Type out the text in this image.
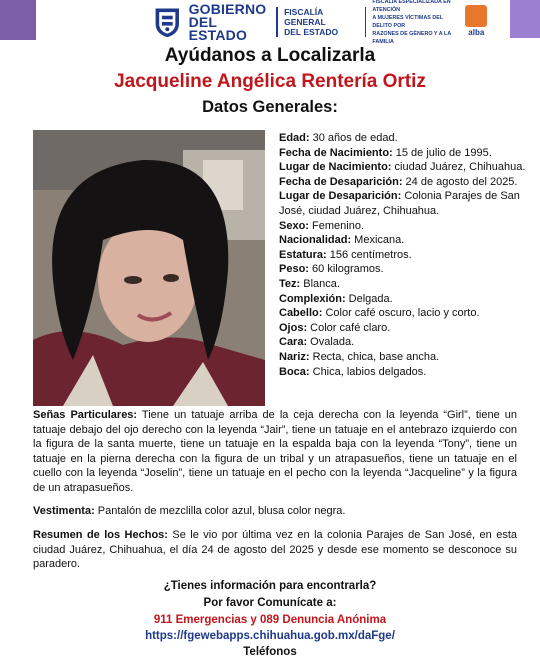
GOBIERNO
DEL ESTADO
FISCALÍA GENERAL
DEL ESTADO
FISCALÍA ESPECIALIZADA EN ATENCIÓN
A MUJERES VÍCTIMAS DEL DELITO POR
RAZONES DE GÉNERO Y A LA FAMILIA
alba
Ayúdanos a Localizarla
Jacqueline Angélica Rentería Ortiz
Datos Generales:

Edad: 30 años de edad.

Fecha de Nacimiento: 15 de julio de 1995.

Lugar de Nacimiento: ciudad Juárez, Chihuahua.

Fecha de Desaparición: 24 de agosto del 2025.

Lugar de Desaparición: Colonia Parajes de San José, ciudad Juárez, Chihuahua.

Sexo: Femenino.

Nacionalidad: Mexicana.

Estatura: 156 centímetros.

Peso: 60 kilogramos.

Tez: Blanca.

Complexión: Delgada.

Cabello: Color café oscuro, lacio y corto.

Ojos: Color café claro.

Cara: Ovalada.

Nariz: Recta, chica, base ancha.

Boca: Chica, labios delgados.

Señas Particulares: Tiene un tatuaje arriba de la ceja derecha con la leyenda “Girl”, tiene un tatuaje debajo del ojo derecho con la leyenda “Jair”, tiene un tatuaje en el antebrazo izquierdo con la figura de la santa muerte, tiene un tatuaje en la espalda baja con la leyenda “Tony”, tiene un tatuaje en la pierna derecha con la figura de un tribal y un atrapasueños, tiene un tatuaje en el cuello con la leyenda “Joselin”, tiene un tatuaje en el pecho con la leyenda “Jacqueline” y la figura de un atrapasueños.

Vestimenta: Pantalón de mezclilla color azul, blusa color negra.

Resumen de los Hechos: Se le vio por última vez en la colonia Parajes de San José, en esta ciudad Juárez, Chihuahua, el día 24 de agosto del 2025 y desde ese momento se desconoce su paradero.

¿Tienes información para encontrarla?
Por favor Comunícate a:
911 Emergencias y 089 Denuncia Anónima
https://fgewebapps.chihuahua.gob.mx/daFge/
Teléfonos
